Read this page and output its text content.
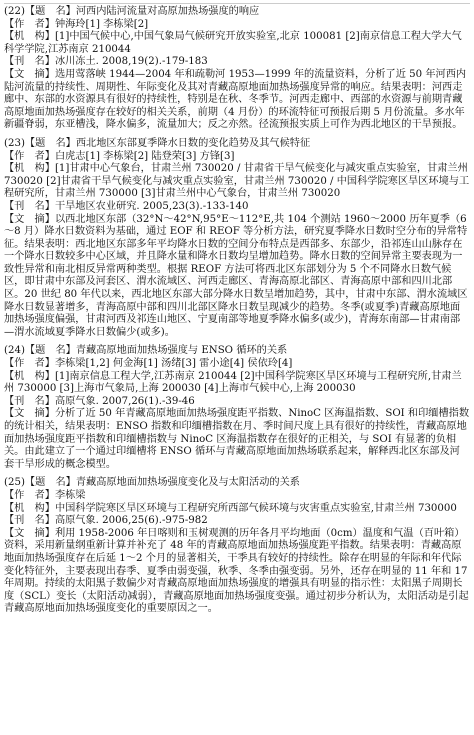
(22)【题　名】河西内陆河流量对高原加热场强度的响应
【作　者】钟海玲[1] 李栋梁[2]
【机　构】[1]中国气候中心,中国气象局气候研究开放实验室,北京 100081 [2]南京信息工程大学大气科学学院,江苏南京 210044
【刊　名】冰川冻土. 2008,19(2).-179-183
【文　摘】选用莺落峡 1944—2004 年和疏勒河 1953—1999 年的流量资料，分析了近 50 年河西内陆河流量的持续性、周期性、年际变化及其对青藏高原地面加热场强度异常的响应。结果表明：河西走廊中、东部的水资源具有很好的持续性，特别是在秋、冬季节。河西走廊中、西部的水资源与前期青藏高原地面加热场强度存在较好的相关关系，前期（4 月份）的环流特征可预报后期 5 月份流量。多水年新疆脊弱，东亚槽浅，降水偏多，流量加大；反之亦然。径流预报实质上可作为西北地区的干旱预报。
(23)【题　名】西北地区东部夏季降水日数的变化趋势及其气候特征
【作　者】白虎志[1] 李栋梁[2] 陆登荣[3] 方锋[3]
【机　构】[1]甘肃中心气象台，甘肃兰州 730020 / 甘肃省干旱气候变化与减灾重点实验室，甘肃兰州 730020 [2]甘肃省干旱气候变化与减灾重点实验室，甘肃兰州 730020 / 中国科学院寒区旱区环境与工程研究所，甘肃兰州 730000 [3]甘肃兰州中心气象台，甘肃兰州 730020
【刊　名】干旱地区农业研究. 2005,23(3).-133-140
【文　摘】以西北地区东部（32°N～42°N,95°E～112°E,共 104 个测站 1960～2000 历年夏季（6～8 月）降水日数资料为基础，通过 EOF 和 REOF 等分析方法，研究夏季降水日数时空分布的异常特征。结果表明：西北地区东部多年平均降水日数的空间分布特点是西部多、东部少，沿祁连山山脉存在一个降水日数较多中心区域，并且降水量和降水日数均呈增加趋势。降水日数的空间异常主要表现为一致性异常和南北相反异常两种类型。根据 REOF 方法可将西北区东部划分为 5 个不同降水日数气候区，即甘肃中东部及河套区、渭水流域区、河西走廊区、青海高原北部区、青海高原中部和四川北部区。20 世纪 80 年代以来，西北地区东部大部分降水日数呈增加趋势，其中，甘肃中东部、渭水流域区降水日数显著增多，青海高原中部和四川北部区降水日数呈现减少的趋势。冬季(或夏季)青藏高原地面加热场强度偏强，甘肃河西及祁连山地区、宁夏南部等地夏季降水偏多(或少)，青海东南部—甘肃南部—渭水流域夏季降水日数偏少(或多)。
(24)【题　名】青藏高原地面加热场强度与 ENSO 循环的关系
【作　者】李栋梁[1,2] 何金海[1] 汤绪[3] 雷小途[4] 侯依玲[4]
【机　构】[1]南京信息工程大学,江苏南京 210044 [2]中国科学院寒区旱区环境与工程研究所,甘肃兰州 730000 [3]上海市气象局,上海 200030 [4]上海市气候中心,上海 200030
【刊　名】高原气象. 2007,26(1).-39-46
【文　摘】分析了近 50 年青藏高原地面加热场强度距平指数、NinoC 区海温指数、SOI 和印缅槽指数的统计相关，结果表明：ENSO 指数和印缅槽指数在月、季时间尺度上具有很好的持续性，青藏高原地面加热场强度距平指数和印缅槽指数与 NinoC 区海温指数存在很好的正相关，与 SOI 有显著的负相关。由此建立了一个通过印缅槽将 ENSO 循环与青藏高原地面加热场联系起来，解释西北区东部及河套干旱形成的概念模型。
(25)【题　名】青藏高原地面加热场强度变化及与太阳活动的关系
【作　者】李栋梁
【机　构】中国科学院寒区旱区环境与工程研究所西部气候环境与灾害重点实验室,甘肃兰州 730000
【刊　名】高原气象. 2006,25(6).-975-982
【文　摘】利用 1958-2006 年日喀则和玉树观测的历年各月平均地面（0cm）温度和气温（百叶箱）资料，采用新量纲重新计算并补充了 48 年的青藏高原地面加热场强度距平指数。结果表明：青藏高原地面加热场强度存在后延 1～2 个月的显著相关，干季具有较好的持续性。除存在明显的年际和年代际变化特征外，主要表现出春季、夏季由弱变强，秋季、冬季由强变弱。另外，还存在明显的 11 年和 17 年周期。持续的太阳黑子数偏少对青藏高原地面加热场强度的增强具有明显的指示性：太阳黑子周期长度（SCL）变长（太阳活动减弱），青藏高原地面加热场强度变强。通过初步分析认为，太阳活动是引起青藏高原地面加热场强度变化的重要原因之一。
